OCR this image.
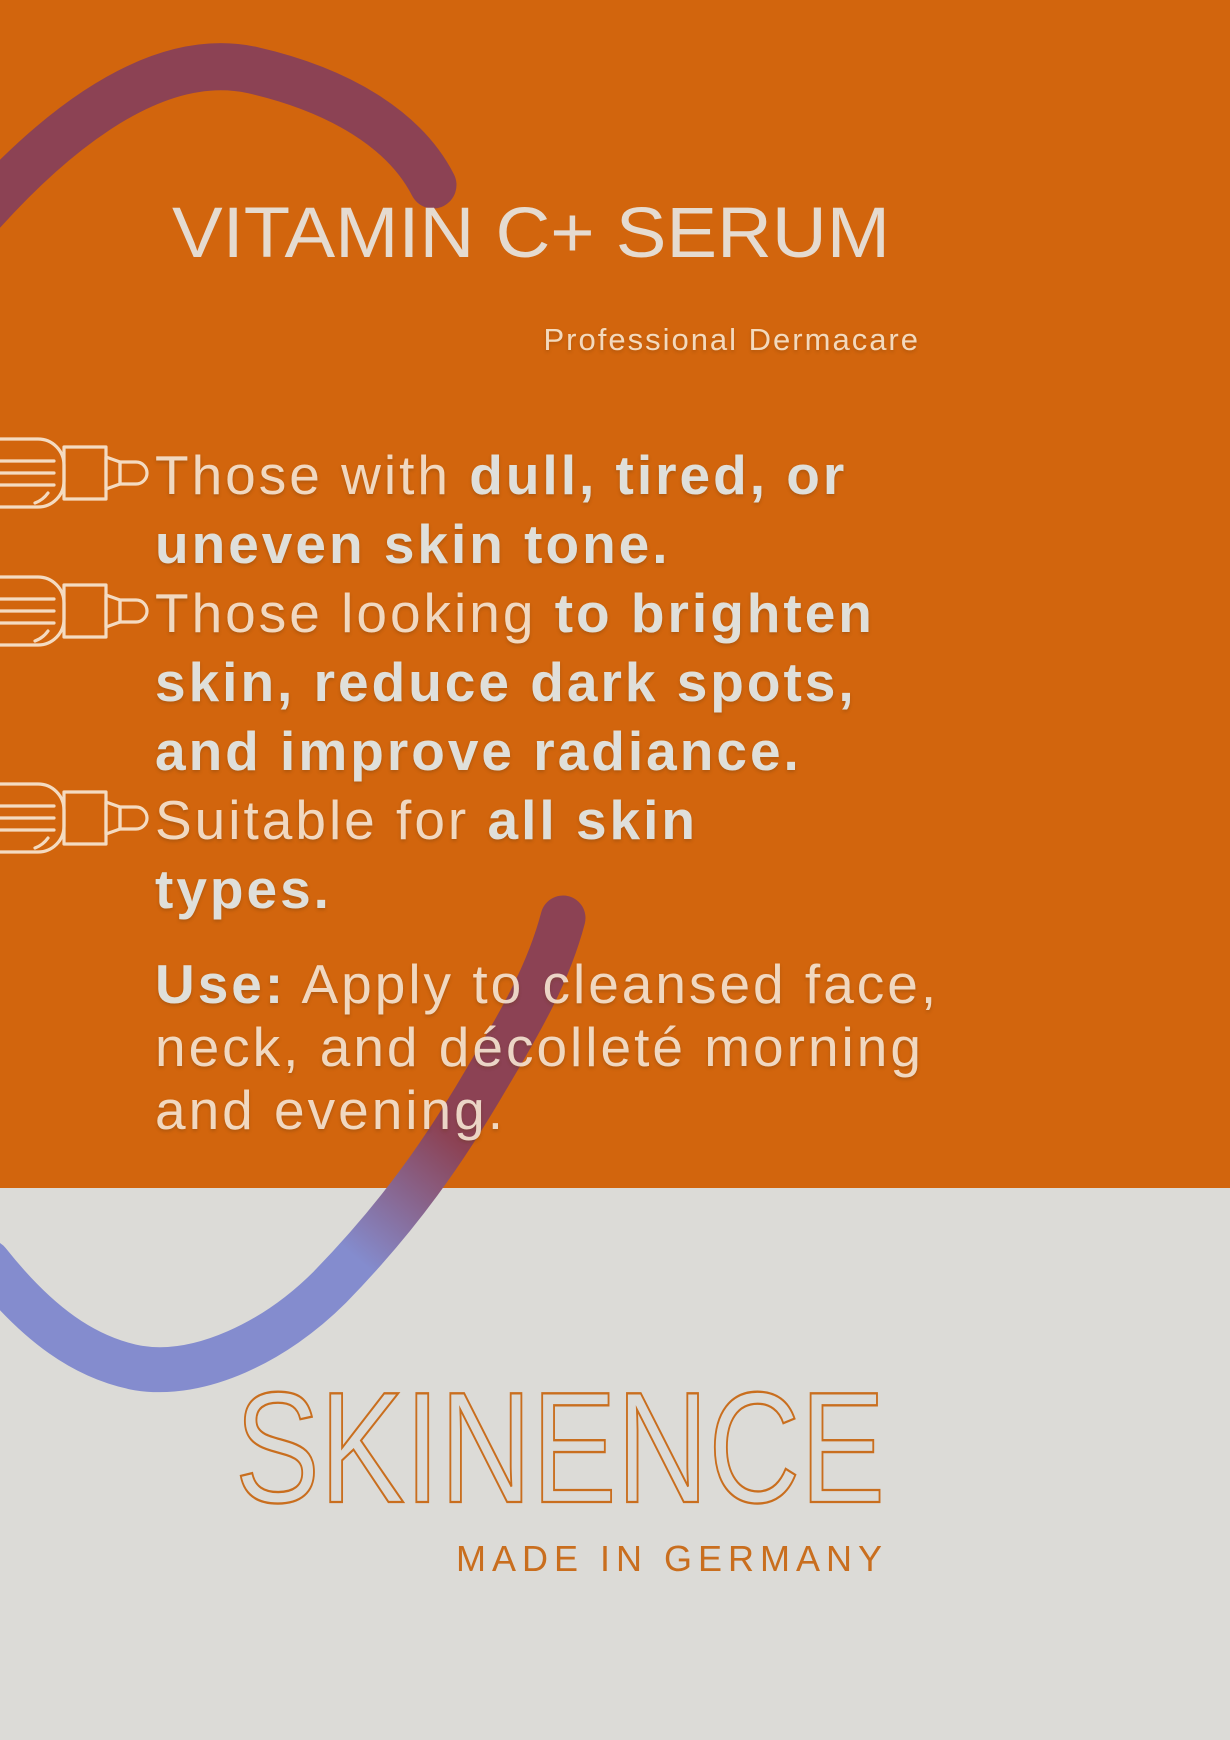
VITAMIN C+ SERUM
SKINENCE
Professional Dermacare
Those with dull, tired, or
uneven skin tone.
Those looking to brighten
skin, reduce dark spots,
and improve radiance.
Suitable for all skin
types.
Use: Apply to cleansed face,
neck, and décolleté morning
and evening.
MADE IN GERMANY
